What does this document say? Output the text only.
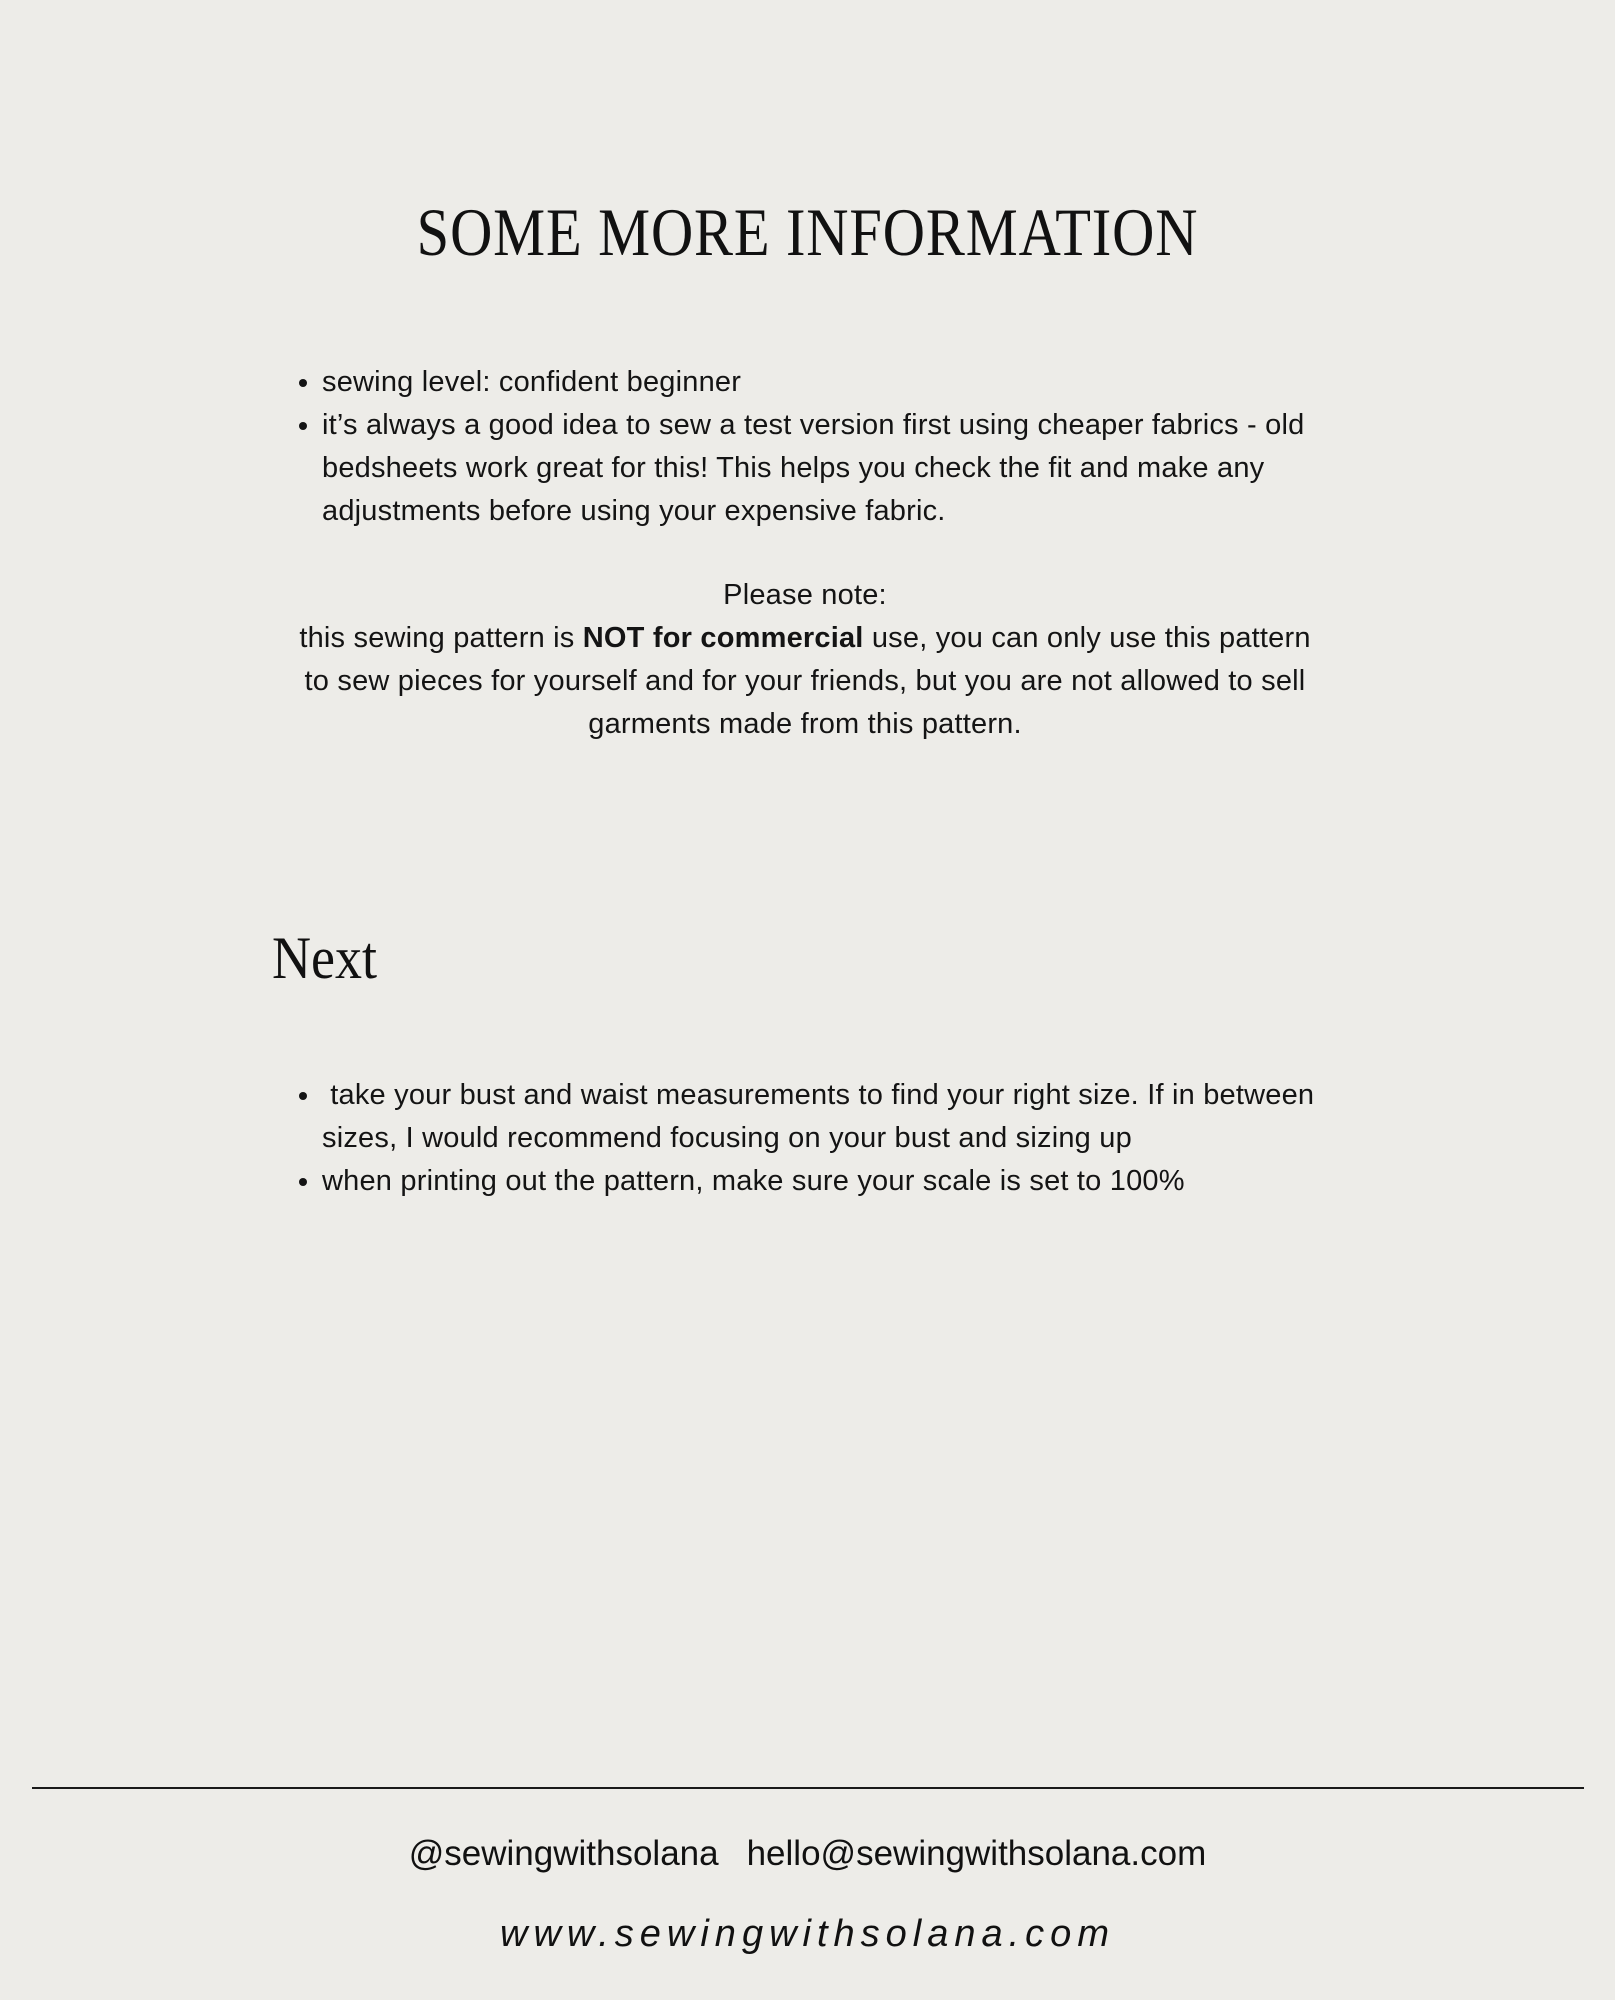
SOME MORE INFORMATION
• sewing level: confident beginner
• it’s always a good idea to sew a test version first using cheaper fabrics - old bedsheets work great for this! This helps you check the fit and make any adjustments before using your expensive fabric.

Please note:

this sewing pattern is NOT for commercial use, you can only use this pattern to sew pieces for yourself and for your friends, but you are not allowed to sell garments made from this pattern.

Next
•  take your bust and waist measurements to find your right size. If in between sizes, I would recommend focusing on your bust and sizing up
• when printing out the pattern, make sure your scale is set to 100%
@sewingwithsolana hello@sewingwithsolana.com
www.sewingwithsolana.com
